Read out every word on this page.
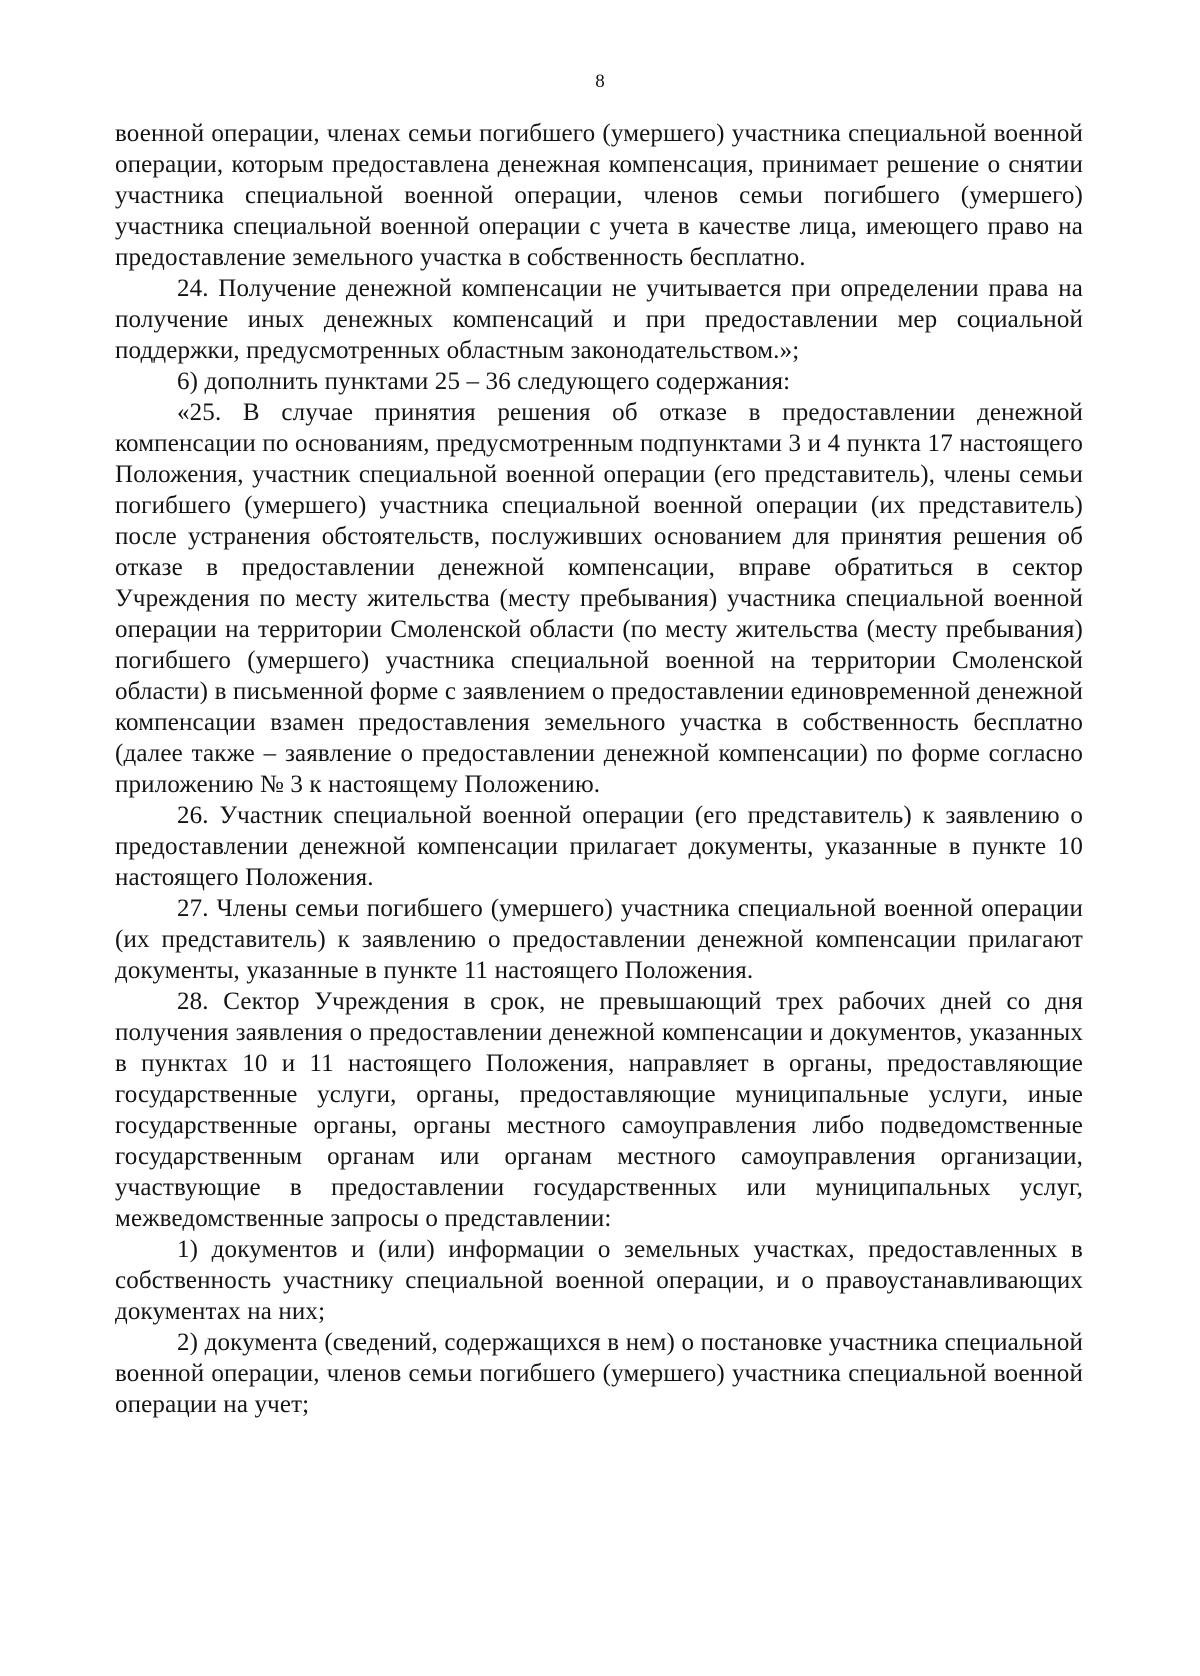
8

военной операции, членах семьи погибшего (умершего) участника специальной военной операции, которым предоставлена денежная компенсация, принимает решение о снятии участника специальной военной операции, членов семьи погибшего (умершего) участника специальной военной операции с учета в качестве лица, имеющего право на предоставление земельного участка в собственность бесплатно.

24. Получение денежной компенсации не учитывается при определении права на получение иных денежных компенсаций и при предоставлении мер социальной поддержки, предусмотренных областным законодательством.»;

6) дополнить пунктами 25 – 36 следующего содержания:

«25. В случае принятия решения об отказе в предоставлении денежной компенсации по основаниям, предусмотренным подпунктами 3 и 4 пункта 17 настоящего Положения, участник специальной военной операции (его представитель), члены семьи погибшего (умершего) участника специальной военной операции (их представитель) после устранения обстоятельств, послуживших основанием для принятия решения об отказе в предоставлении денежной компенсации, вправе обратиться в сектор Учреждения по месту жительства (месту пребывания) участника специальной военной операции на территории Смоленской области (по месту жительства (месту пребывания) погибшего (умершего) участника специальной военной на территории Смоленской области) в письменной форме с заявлением о предоставлении единовременной денежной компенсации взамен предоставления земельного участка в собственность бесплатно (далее также – заявление о предоставлении денежной компенсации) по форме согласно приложению № 3 к настоящему Положению.

26. Участник специальной военной операции (его представитель) к заявлению о предоставлении денежной компенсации прилагает документы, указанные в пункте 10 настоящего Положения.

27. Члены семьи погибшего (умершего) участника специальной военной операции (их представитель) к заявлению о предоставлении денежной компенсации прилагают документы, указанные в пункте 11 настоящего Положения.

28. Сектор Учреждения в срок, не превышающий трех рабочих дней со дня получения заявления о предоставлении денежной компенсации и документов, указанных в пунктах 10 и 11 настоящего Положения, направляет в органы, предоставляющие государственные услуги, органы, предоставляющие муниципальные услуги, иные государственные органы, органы местного самоуправления либо подведомственные государственным органам или органам местного самоуправления организации, участвующие в предоставлении государственных или муниципальных услуг, межведомственные запросы о представлении:

1) документов и (или) информации о земельных участках, предоставленных в собственность участнику специальной военной операции, и о правоустанавливающих документах на них;

2) документа (сведений, содержащихся в нем) о постановке участника специальной военной операции, членов семьи погибшего (умершего) участника специальной военной операции на учет;
